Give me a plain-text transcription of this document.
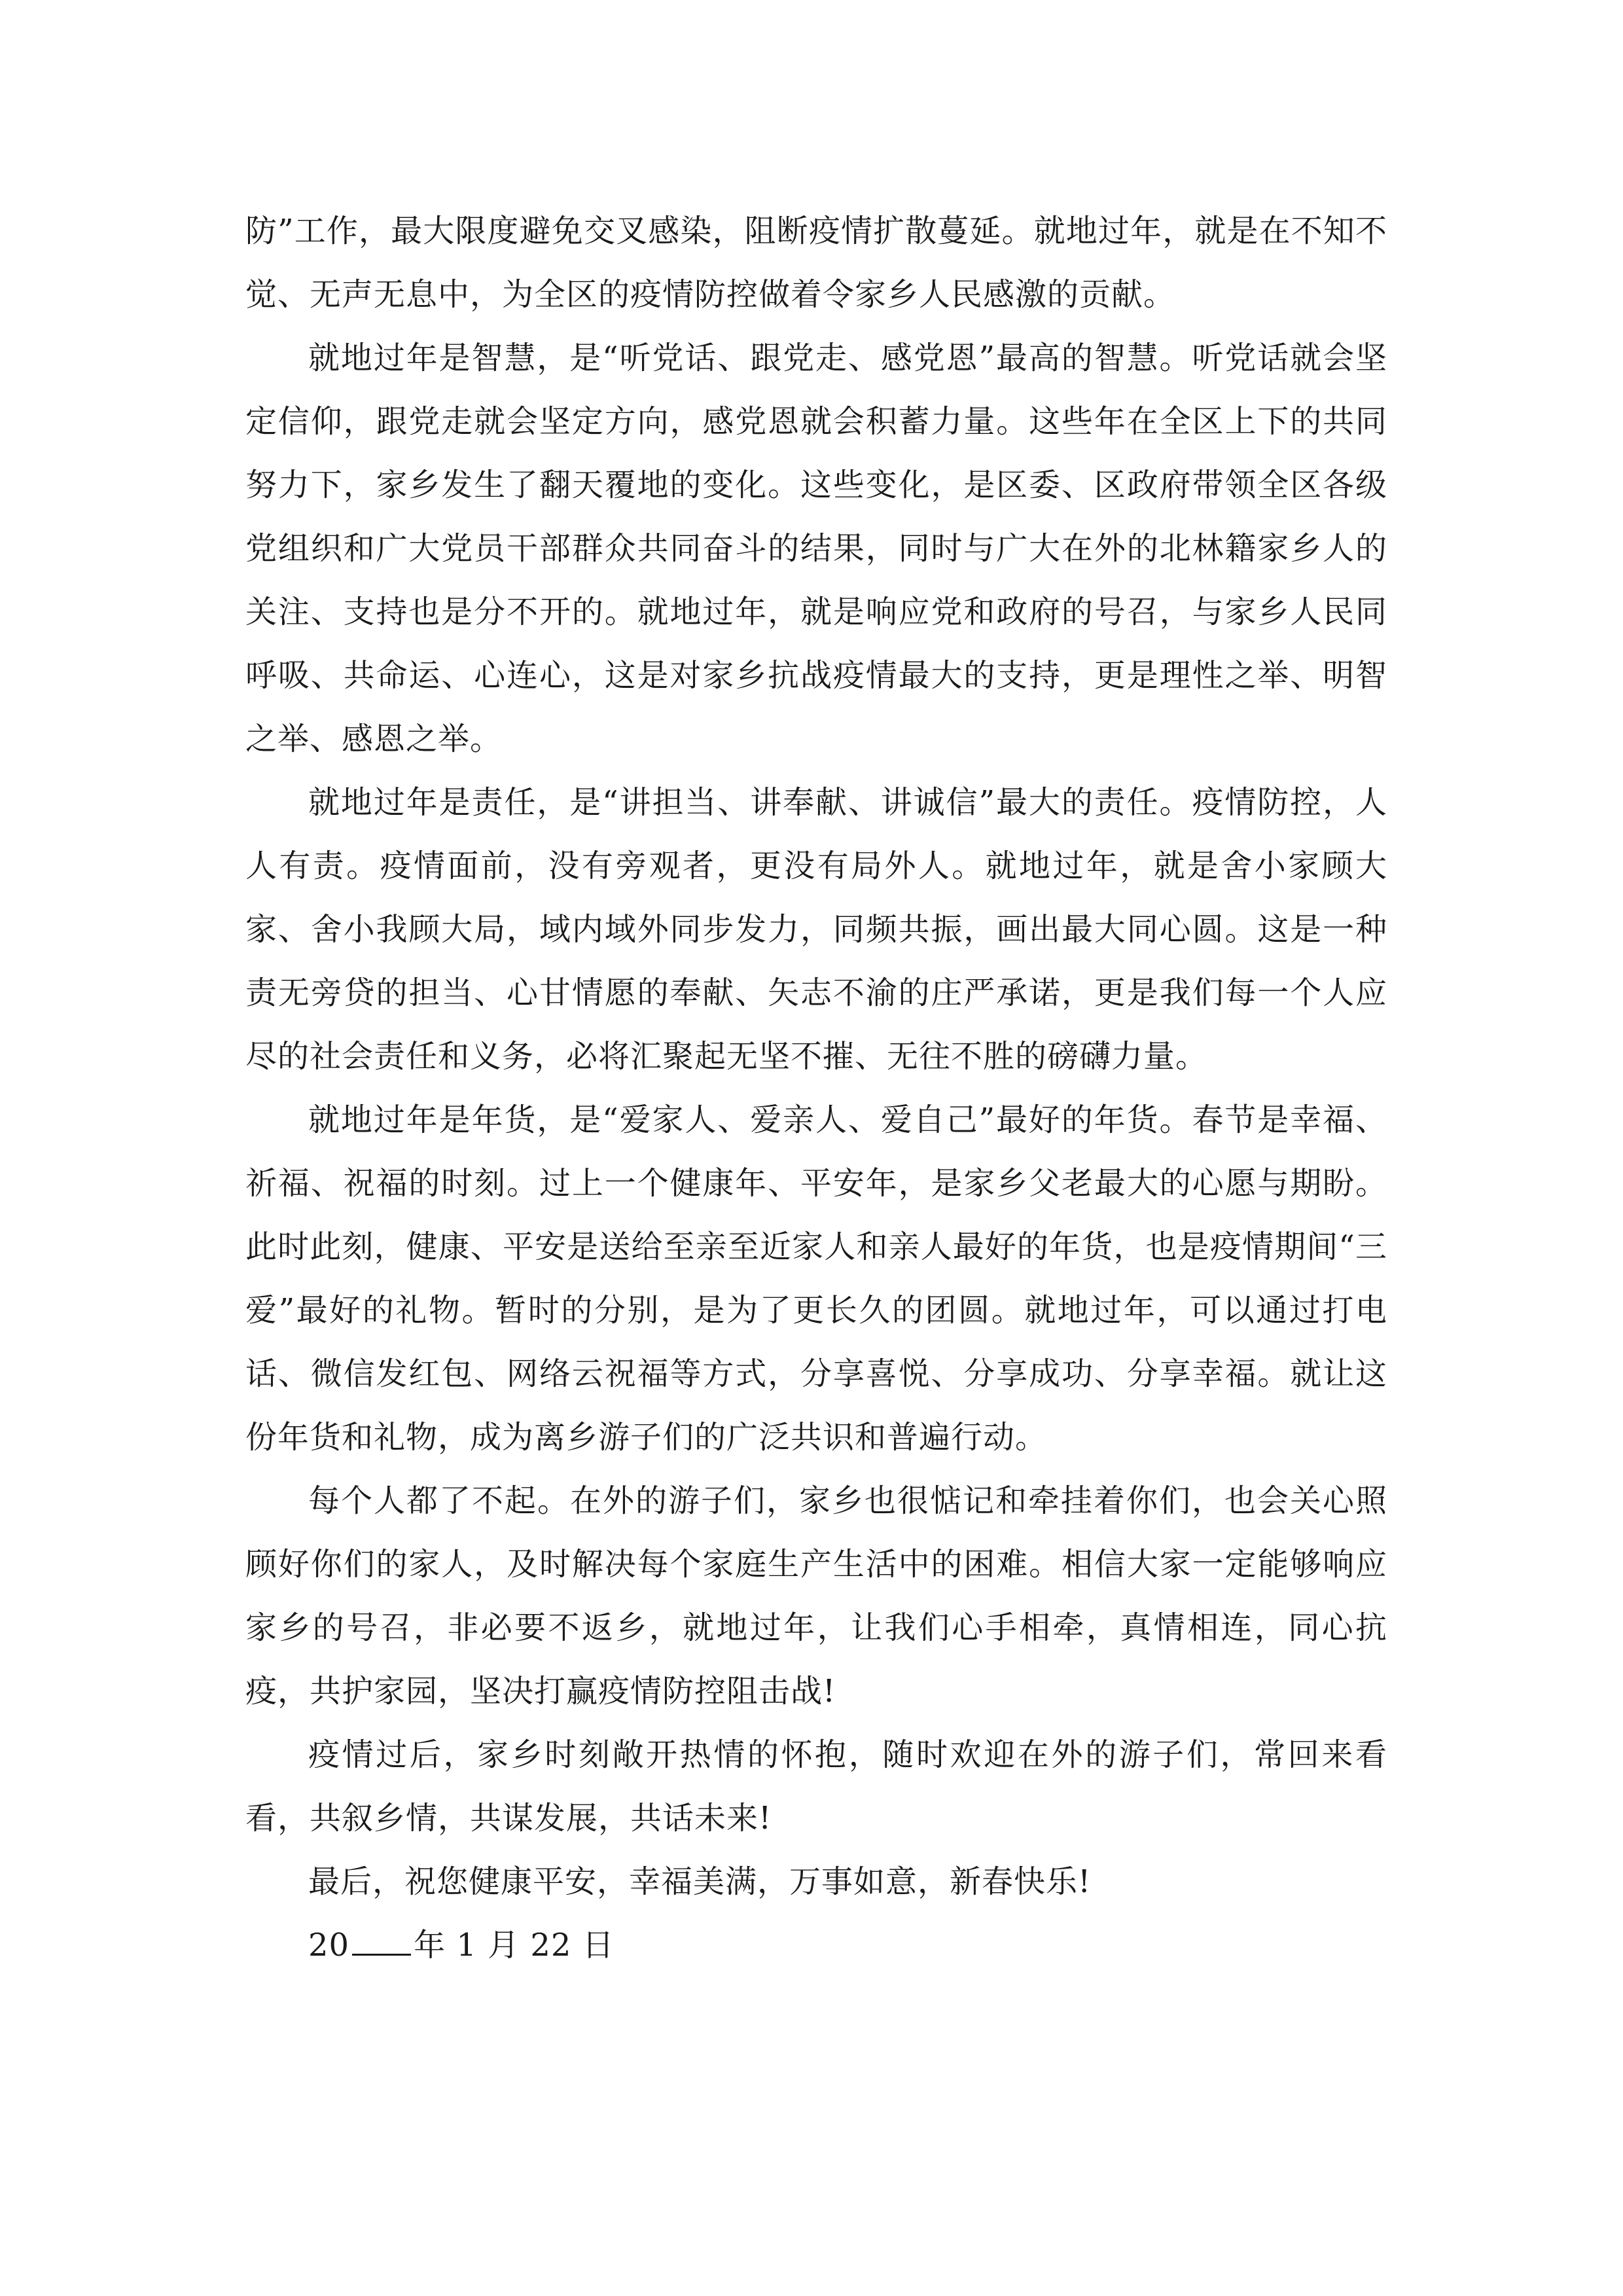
防”工作，最大限度避免交叉感染，阻断疫情扩散蔓延。就地过年，就是在不知不觉、无声无息中，为全区的疫情防控做着令家乡人民感激的贡献。

就地过年是智慧，是“听党话、跟党走、感党恩”最高的智慧。听党话就会坚定信仰，跟党走就会坚定方向，感党恩就会积蓄力量。这些年在全区上下的共同努力下，家乡发生了翻天覆地的变化。这些变化，是区委、区政府带领全区各级党组织和广大党员干部群众共同奋斗的结果，同时与广大在外的北林籍家乡人的关注、支持也是分不开的。就地过年，就是响应党和政府的号召，与家乡人民同呼吸、共命运、心连心，这是对家乡抗战疫情最大的支持，更是理性之举、明智之举、感恩之举。

就地过年是责任，是“讲担当、讲奉献、讲诚信”最大的责任。疫情防控，人人有责。疫情面前，没有旁观者，更没有局外人。就地过年，就是舍小家顾大家、舍小我顾大局，域内域外同步发力，同频共振，画出最大同心圆。这是一种责无旁贷的担当、心甘情愿的奉献、矢志不渝的庄严承诺，更是我们每一个人应尽的社会责任和义务，必将汇聚起无坚不摧、无往不胜的磅礴力量。

就地过年是年货，是“爱家人、爱亲人、爱自己”最好的年货。春节是幸福、祈福、祝福的时刻。过上一个健康年、平安年，是家乡父老最大的心愿与期盼。此时此刻，健康、平安是送给至亲至近家人和亲人最好的年货，也是疫情期间“三爱”最好的礼物。暂时的分别，是为了更长久的团圆。就地过年，可以通过打电话、微信发红包、网络云祝福等方式，分享喜悦、分享成功、分享幸福。就让这份年货和礼物，成为离乡游子们的广泛共识和普遍行动。

每个人都了不起。在外的游子们，家乡也很惦记和牵挂着你们，也会关心照顾好你们的家人，及时解决每个家庭生产生活中的困难。相信大家一定能够响应家乡的号召，非必要不返乡，就地过年，让我们心手相牵，真情相连，同心抗疫，共护家园，坚决打赢疫情防控阻击战!

疫情过后，家乡时刻敞开热情的怀抱，随时欢迎在外的游子们，常回来看看，共叙乡情，共谋发展，共话未来!

最后，祝您健康平安，幸福美满，万事如意，新春快乐!

20 年 1 月 22 日
